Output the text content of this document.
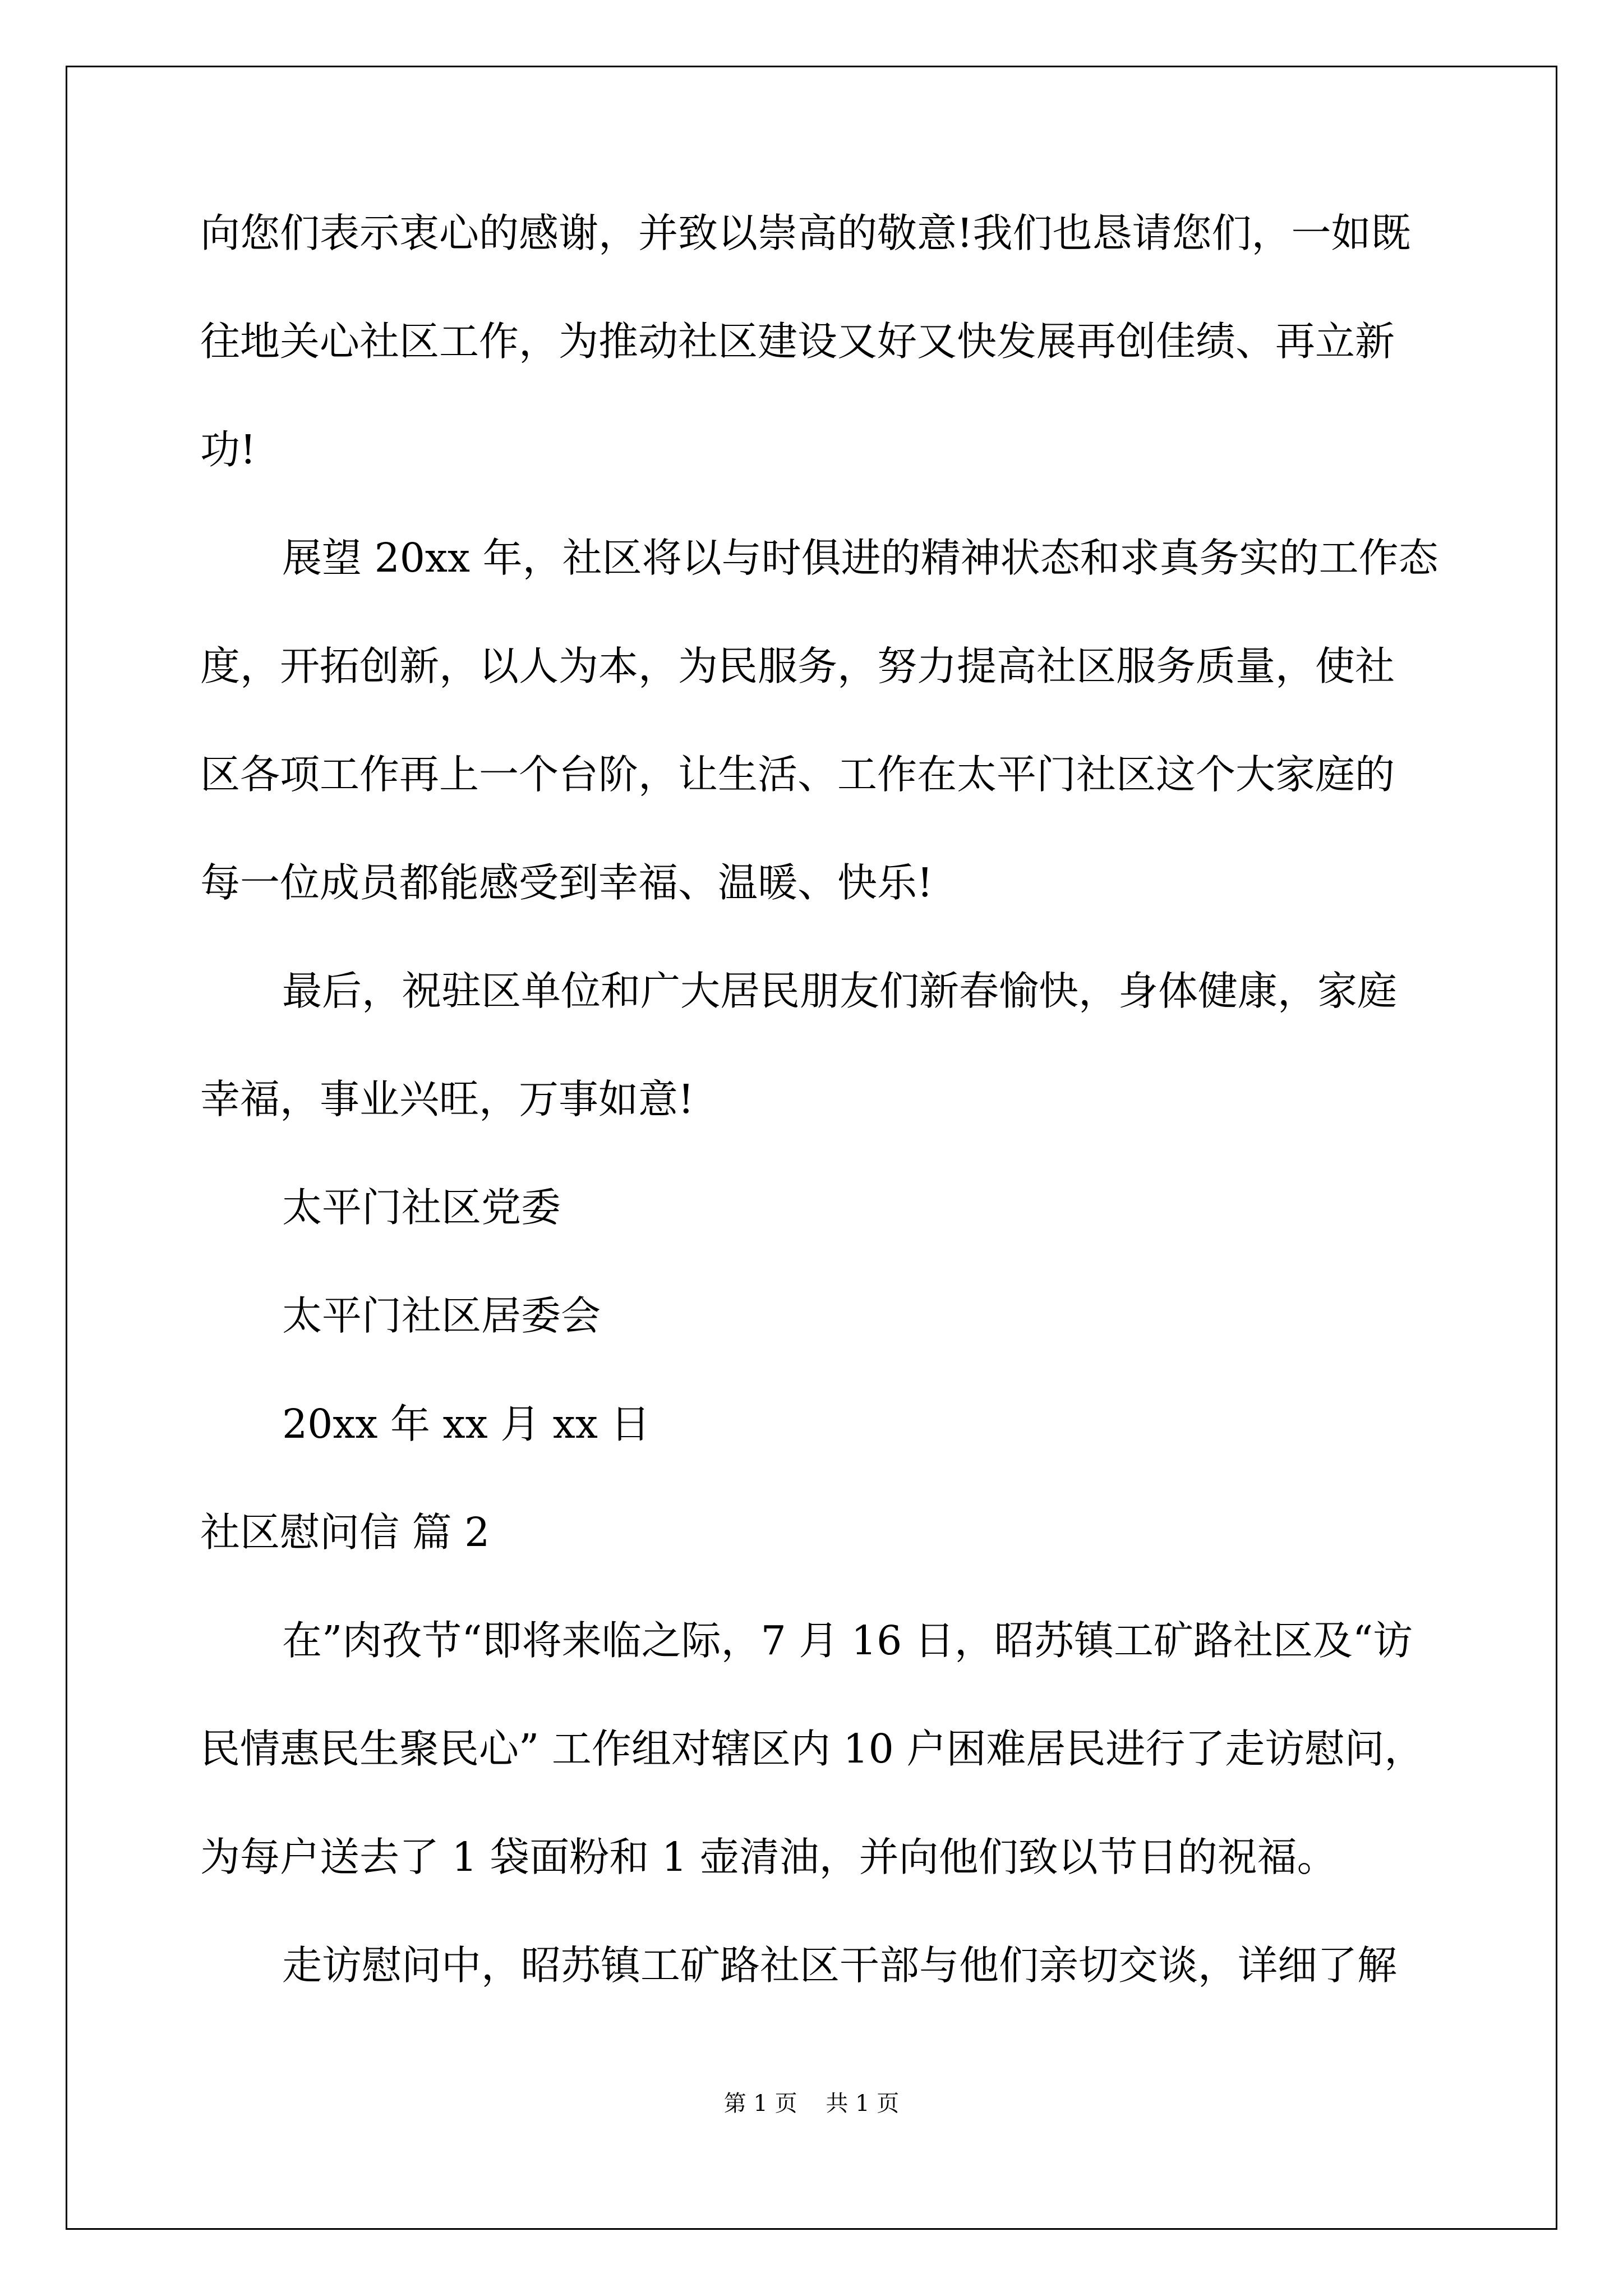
向您们表示衷心的感谢，并致以崇高的敬意!我们也恳请您们，一如既
往地关心社区工作，为推动社区建设又好又快发展再创佳绩、再立新
功!
展望 20xx 年，社区将以与时俱进的精神状态和求真务实的工作态
度，开拓创新，以人为本，为民服务，努力提高社区服务质量，使社
区各项工作再上一个台阶，让生活、工作在太平门社区这个大家庭的
每一位成员都能感受到幸福、温暖、快乐!
最后，祝驻区单位和广大居民朋友们新春愉快，身体健康，家庭
幸福，事业兴旺，万事如意!
太平门社区党委
太平门社区居委会
20xx 年 xx 月 xx 日
社区慰问信 篇 2
在”肉孜节“即将来临之际，7 月 16 日，昭苏镇工矿路社区及“访
民情惠民生聚民心” 工作组对辖区内 10 户困难居民进行了走访慰问，
为每户送去了 1 袋面粉和 1 壶清油，并向他们致以节日的祝福。
走访慰问中，昭苏镇工矿路社区干部与他们亲切交谈，详细了解
第 1 页    共 1 页
